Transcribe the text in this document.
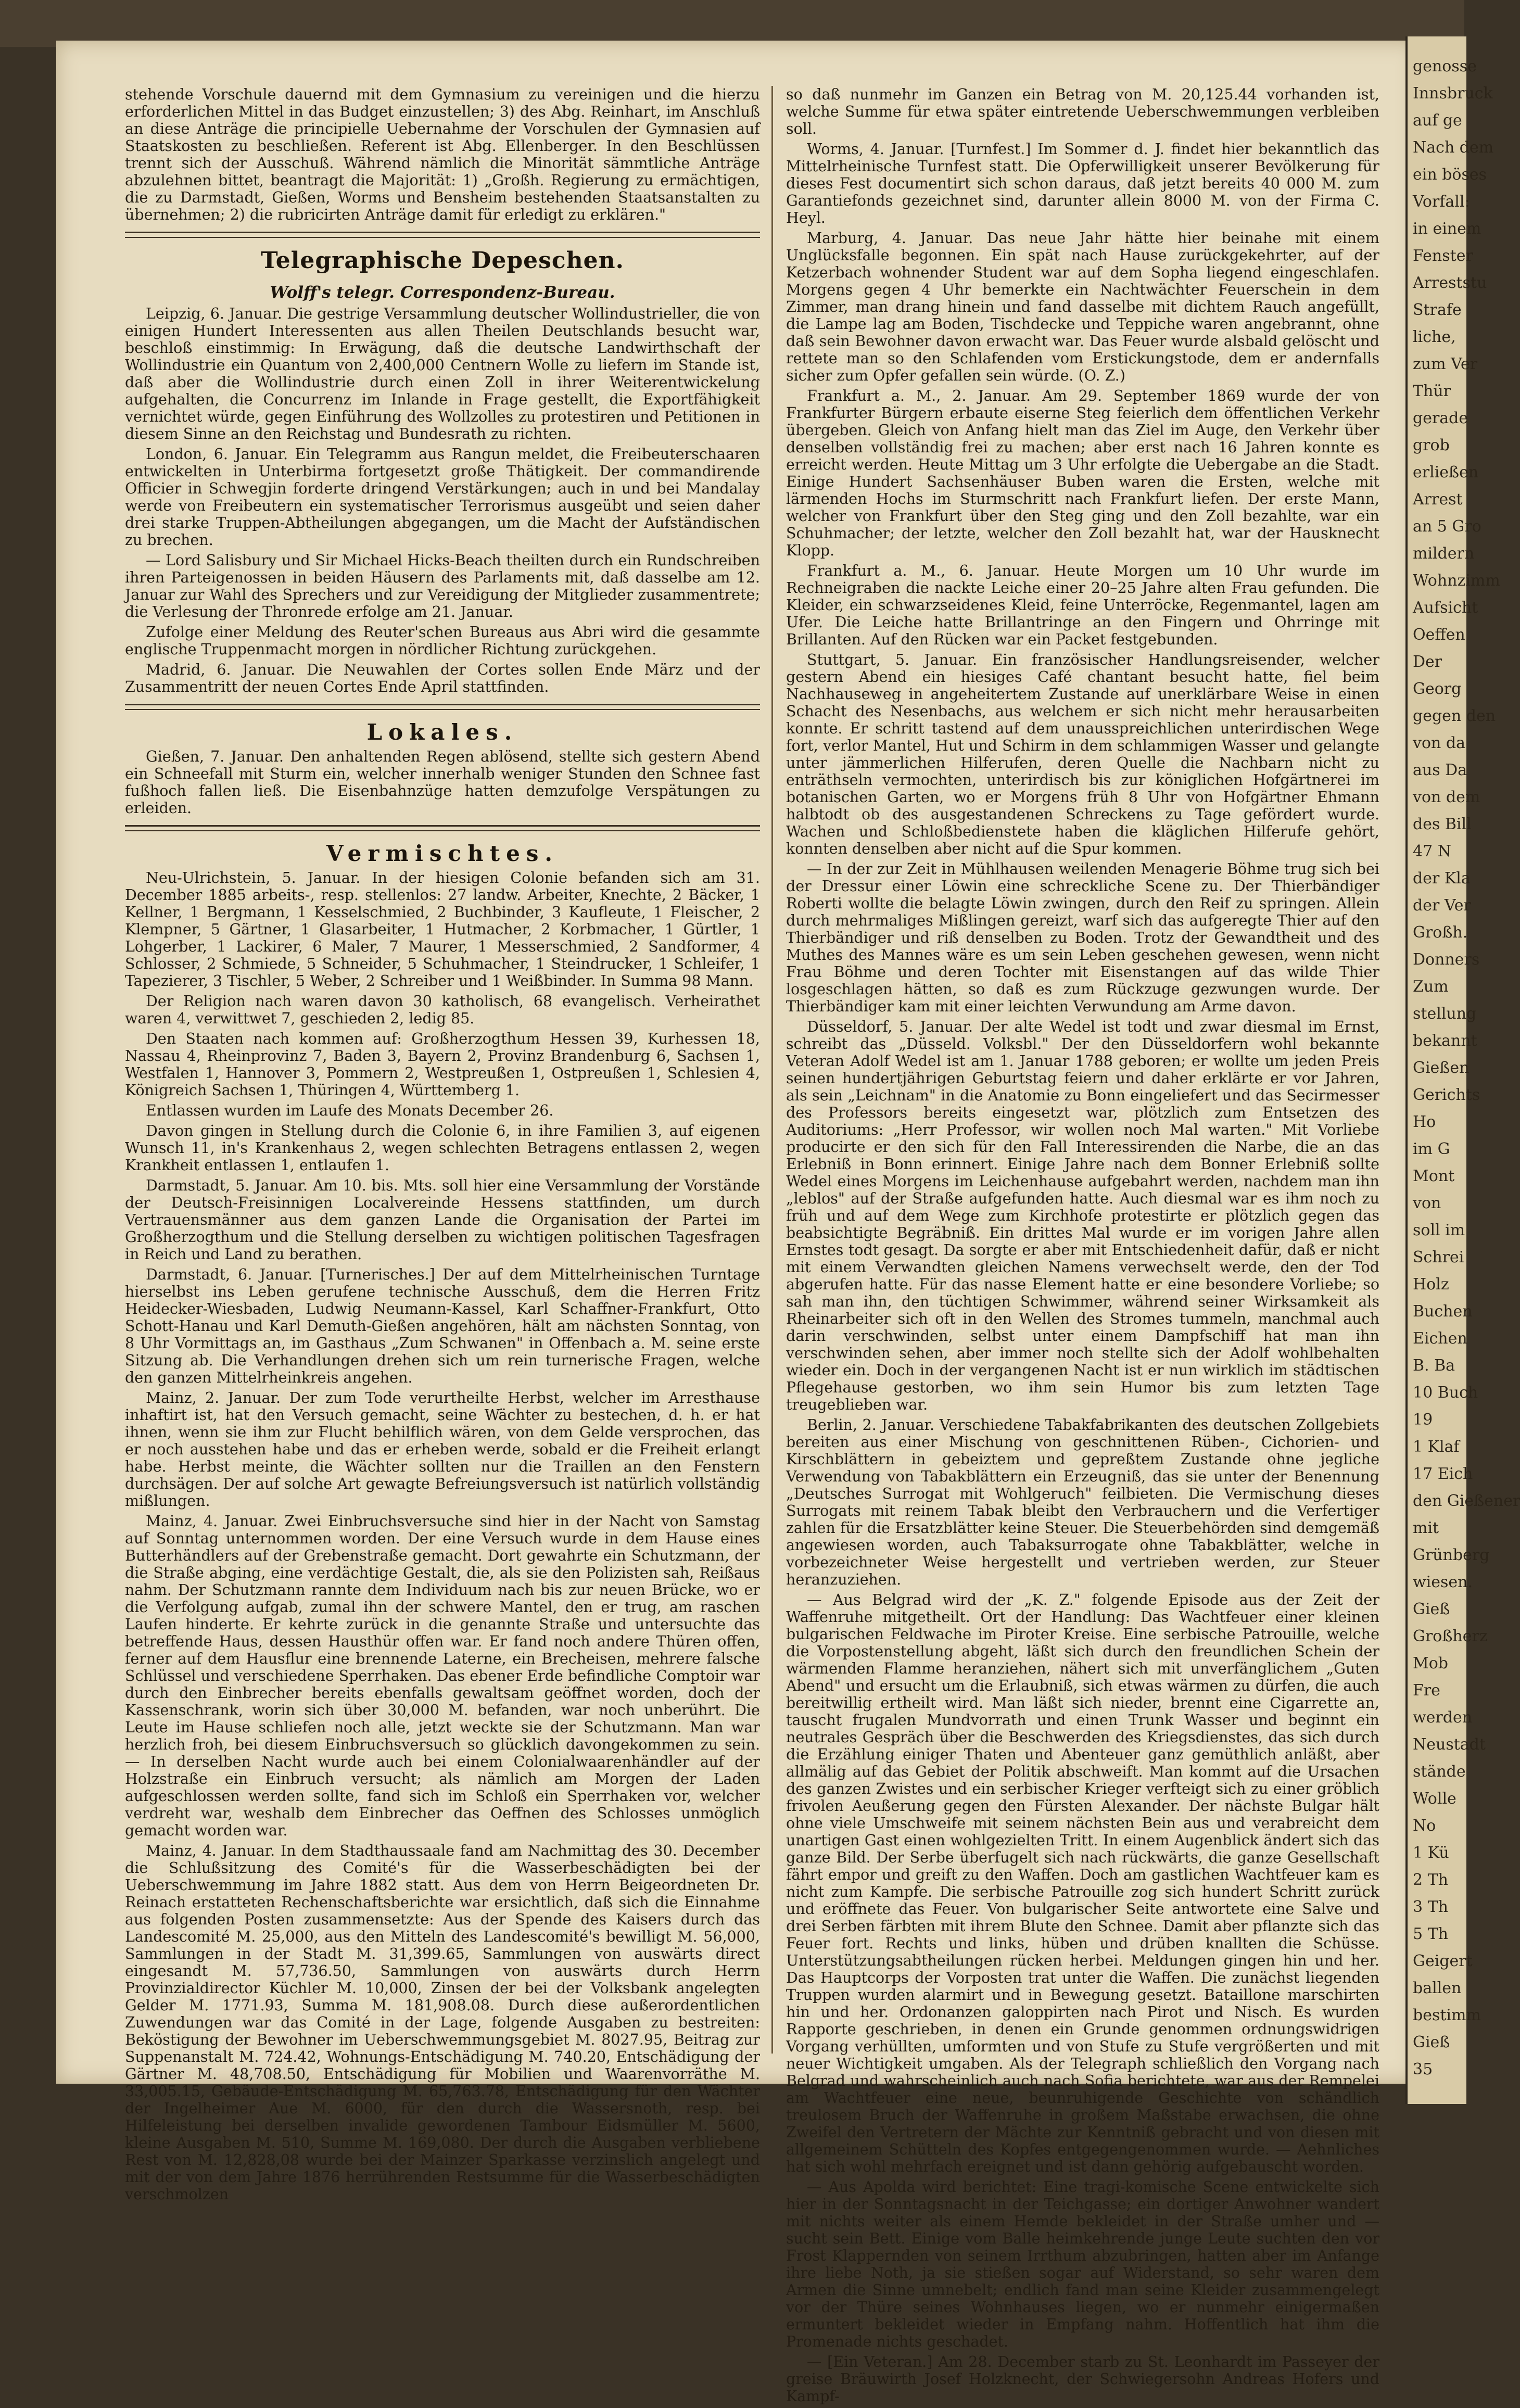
stehende Vorschule dauernd mit dem Gymnasium zu vereinigen und die hierzu erforderlichen Mittel in das Budget einzustellen; 3) des Abg. Reinhart, im Anschluß an diese Anträge die principielle Uebernahme der Vorschulen der Gymnasien auf Staatskosten zu beschließen. Referent ist Abg. Ellenberger. In den Beschlüssen trennt sich der Ausschuß. Während nämlich die Minorität sämmtliche Anträge abzulehnen bittet, beantragt die Majorität: 1) „Großh. Regierung zu ermächtigen, die zu Darmstadt, Gießen, Worms und Bensheim bestehenden Staatsanstalten zu übernehmen; 2) die rubricirten Anträge damit für erledigt zu erklären."

Telegraphische Depeschen.
Wolff's telegr. Correspondenz-Bureau.

Leipzig, 6. Januar. Die gestrige Versammlung deutscher Wollindustrieller, die von einigen Hundert Interessenten aus allen Theilen Deutschlands besucht war, beschloß einstimmig: In Erwägung, daß die deutsche Landwirthschaft der Wollindustrie ein Quantum von 2,400,000 Centnern Wolle zu liefern im Stande ist, daß aber die Wollindustrie durch einen Zoll in ihrer Weiterentwickelung aufgehalten, die Concurrenz im Inlande in Frage gestellt, die Exportfähigkeit vernichtet würde, gegen Einführung des Wollzolles zu protestiren und Petitionen in diesem Sinne an den Reichstag und Bundesrath zu richten.

London, 6. Januar. Ein Telegramm aus Rangun meldet, die Freibeuterschaaren entwickelten in Unterbirma fortgesetzt große Thätigkeit. Der commandirende Officier in Schwegjin forderte dringend Verstärkungen; auch in und bei Mandalay werde von Freibeutern ein systematischer Terrorismus ausgeübt und seien daher drei starke Truppen-Abtheilungen abgegangen, um die Macht der Aufständischen zu brechen.

— Lord Salisbury und Sir Michael Hicks-Beach theilten durch ein Rundschreiben ihren Parteigenossen in beiden Häusern des Parlaments mit, daß dasselbe am 12. Januar zur Wahl des Sprechers und zur Vereidigung der Mitglieder zusammentrete; die Verlesung der Thronrede erfolge am 21. Januar.

Zufolge einer Meldung des Reuter'schen Bureaus aus Abri wird die gesammte englische Truppenmacht morgen in nördlicher Richtung zurückgehen.

Madrid, 6. Januar. Die Neuwahlen der Cortes sollen Ende März und der Zusammentritt der neuen Cortes Ende April stattfinden.

Lokales.

Gießen, 7. Januar. Den anhaltenden Regen ablösend, stellte sich gestern Abend ein Schneefall mit Sturm ein, welcher innerhalb weniger Stunden den Schnee fast fußhoch fallen ließ. Die Eisenbahnzüge hatten demzufolge Verspätungen zu erleiden.

Vermischtes.

Neu-Ulrichstein, 5. Januar. In der hiesigen Colonie befanden sich am 31. December 1885 arbeits-, resp. stellenlos: 27 landw. Arbeiter, Knechte, 2 Bäcker, 1 Kellner, 1 Bergmann, 1 Kesselschmied, 2 Buchbinder, 3 Kaufleute, 1 Fleischer, 2 Klempner, 5 Gärtner, 1 Glasarbeiter, 1 Hutmacher, 2 Korbmacher, 1 Gürtler, 1 Lohgerber, 1 Lackirer, 6 Maler, 7 Maurer, 1 Messerschmied, 2 Sandformer, 4 Schlosser, 2 Schmiede, 5 Schneider, 5 Schuhmacher, 1 Steindrucker, 1 Schleifer, 1 Tapezierer, 3 Tischler, 5 Weber, 2 Schreiber und 1 Weißbinder. In Summa 98 Mann.

Der Religion nach waren davon 30 katholisch, 68 evangelisch. Verheirathet waren 4, verwittwet 7, geschieden 2, ledig 85.

Den Staaten nach kommen auf: Großherzogthum Hessen 39, Kurhessen 18, Nassau 4, Rheinprovinz 7, Baden 3, Bayern 2, Provinz Brandenburg 6, Sachsen 1, Westfalen 1, Hannover 3, Pommern 2, Westpreußen 1, Ostpreußen 1, Schlesien 4, Königreich Sachsen 1, Thüringen 4, Württemberg 1.

Entlassen wurden im Laufe des Monats December 26.

Davon gingen in Stellung durch die Colonie 6, in ihre Familien 3, auf eigenen Wunsch 11, in's Krankenhaus 2, wegen schlechten Betragens entlassen 2, wegen Krankheit entlassen 1, entlaufen 1.

Darmstadt, 5. Januar. Am 10. bis. Mts. soll hier eine Versammlung der Vorstände der Deutsch-Freisinnigen Localvereinde Hessens stattfinden, um durch Vertrauensmänner aus dem ganzen Lande die Organisation der Partei im Großherzogthum und die Stellung derselben zu wichtigen politischen Tagesfragen in Reich und Land zu berathen.

Darmstadt, 6. Januar. [Turnerisches.] Der auf dem Mittelrheinischen Turntage hierselbst ins Leben gerufene technische Ausschuß, dem die Herren Fritz Heidecker-Wiesbaden, Ludwig Neumann-Kassel, Karl Schaffner-Frankfurt, Otto Schott-Hanau und Karl Demuth-Gießen angehören, hält am nächsten Sonntag, von 8 Uhr Vormittags an, im Gasthaus „Zum Schwanen" in Offenbach a. M. seine erste Sitzung ab. Die Verhandlungen drehen sich um rein turnerische Fragen, welche den ganzen Mittelrheinkreis angehen.

Mainz, 2. Januar. Der zum Tode verurtheilte Herbst, welcher im Arresthause inhaftirt ist, hat den Versuch gemacht, seine Wächter zu bestechen, d. h. er hat ihnen, wenn sie ihm zur Flucht behilflich wären, von dem Gelde versprochen, das er noch ausstehen habe und das er erheben werde, sobald er die Freiheit erlangt habe. Herbst meinte, die Wächter sollten nur die Traillen an den Fenstern durchsägen. Der auf solche Art gewagte Befreiungsversuch ist natürlich vollständig mißlungen.

Mainz, 4. Januar. Zwei Einbruchsversuche sind hier in der Nacht von Samstag auf Sonntag unternommen worden. Der eine Versuch wurde in dem Hause eines Butterhändlers auf der Grebenstraße gemacht. Dort gewahrte ein Schutzmann, der die Straße abging, eine verdächtige Gestalt, die, als sie den Polizisten sah, Reißaus nahm. Der Schutzmann rannte dem Individuum nach bis zur neuen Brücke, wo er die Verfolgung aufgab, zumal ihn der schwere Mantel, den er trug, am raschen Laufen hinderte. Er kehrte zurück in die genannte Straße und untersuchte das betreffende Haus, dessen Hausthür offen war. Er fand noch andere Thüren offen, ferner auf dem Hausflur eine brennende Laterne, ein Brecheisen, mehrere falsche Schlüssel und verschiedene Sperrhaken. Das ebener Erde befindliche Comptoir war durch den Einbrecher bereits ebenfalls gewaltsam geöffnet worden, doch der Kassenschrank, worin sich über 30,000 M. befanden, war noch unberührt. Die Leute im Hause schliefen noch alle, jetzt weckte sie der Schutzmann. Man war herzlich froh, bei diesem Einbruchsversuch so glücklich davongekommen zu sein. — In derselben Nacht wurde auch bei einem Colonialwaarenhändler auf der Holzstraße ein Einbruch versucht; als nämlich am Morgen der Laden aufgeschlossen werden sollte, fand sich im Schloß ein Sperrhaken vor, welcher verdreht war, weshalb dem Einbrecher das Oeffnen des Schlosses unmöglich gemacht worden war.

Mainz, 4. Januar. In dem Stadthaussaale fand am Nachmittag des 30. December die Schlußsitzung des Comité's für die Wasserbeschädigten bei der Ueberschwemmung im Jahre 1882 statt. Aus dem von Herrn Beigeordneten Dr. Reinach erstatteten Rechenschaftsberichte war ersichtlich, daß sich die Einnahme aus folgenden Posten zusammensetzte: Aus der Spende des Kaisers durch das Landescomité M. 25,000, aus den Mitteln des Landescomité's bewilligt M. 56,000, Sammlungen in der Stadt M. 31,399.65, Sammlungen von auswärts direct eingesandt M. 57,736.50, Sammlungen von auswärts durch Herrn Provinzialdirector Küchler M. 10,000, Zinsen der bei der Volksbank angelegten Gelder M. 1771.93, Summa M. 181,908.08. Durch diese außerordentlichen Zuwendungen war das Comité in der Lage, folgende Ausgaben zu bestreiten: Beköstigung der Bewohner im Ueberschwemmungsgebiet M. 8027.95, Beitrag zur Suppenanstalt M. 724.42, Wohnungs-Entschädigung M. 740.20, Entschädigung der Gärtner M. 48,708.50, Entschädigung für Mobilien und Waarenvorräthe M. 33,005.15, Gebäude-Entschädigung M. 65,763.78, Entschädigung für den Wächter der Ingelheimer Aue M. 6000, für den durch die Wassersnoth, resp. bei Hilfeleistung bei derselben invalide gewordenen Tambour Eidsmüller M. 5600, kleine Ausgaben M. 510, Summe M. 169,080. Der durch die Ausgaben verbliebene Rest von M. 12,828,08 wurde bei der Mainzer Sparkasse verzinslich angelegt und mit der von dem Jahre 1876 herrührenden Restsumme für die Wasserbeschädigten verschmolzen

so daß nunmehr im Ganzen ein Betrag von M. 20,125.44 vorhanden ist, welche Summe für etwa später eintretende Ueberschwemmungen verbleiben soll.

Worms, 4. Januar. [Turnfest.] Im Sommer d. J. findet hier bekanntlich das Mittelrheinische Turnfest statt. Die Opferwilligkeit unserer Bevölkerung für dieses Fest documentirt sich schon daraus, daß jetzt bereits 40 000 M. zum Garantiefonds gezeichnet sind, darunter allein 8000 M. von der Firma C. Heyl.

Marburg, 4. Januar. Das neue Jahr hätte hier beinahe mit einem Unglücksfalle begonnen. Ein spät nach Hause zurückgekehrter, auf der Ketzerbach wohnender Student war auf dem Sopha liegend eingeschlafen. Morgens gegen 4 Uhr bemerkte ein Nachtwächter Feuerschein in dem Zimmer, man drang hinein und fand dasselbe mit dichtem Rauch angefüllt, die Lampe lag am Boden, Tischdecke und Teppiche waren angebrannt, ohne daß sein Bewohner davon erwacht war. Das Feuer wurde alsbald gelöscht und rettete man so den Schlafenden vom Erstickungstode, dem er andernfalls sicher zum Opfer gefallen sein würde. (O. Z.)

Frankfurt a. M., 2. Januar. Am 29. September 1869 wurde der von Frankfurter Bürgern erbaute eiserne Steg feierlich dem öffentlichen Verkehr übergeben. Gleich von Anfang hielt man das Ziel im Auge, den Verkehr über denselben vollständig frei zu machen; aber erst nach 16 Jahren konnte es erreicht werden. Heute Mittag um 3 Uhr erfolgte die Uebergabe an die Stadt. Einige Hundert Sachsenhäuser Buben waren die Ersten, welche mit lärmenden Hochs im Sturmschritt nach Frankfurt liefen. Der erste Mann, welcher von Frankfurt über den Steg ging und den Zoll bezahlte, war ein Schuhmacher; der letzte, welcher den Zoll bezahlt hat, war der Hausknecht Klopp.

Frankfurt a. M., 6. Januar. Heute Morgen um 10 Uhr wurde im Rechneigraben die nackte Leiche einer 20–25 Jahre alten Frau gefunden. Die Kleider, ein schwarzseidenes Kleid, feine Unterröcke, Regenmantel, lagen am Ufer. Die Leiche hatte Brillantringe an den Fingern und Ohrringe mit Brillanten. Auf den Rücken war ein Packet festgebunden.

Stuttgart, 5. Januar. Ein französischer Handlungsreisender, welcher gestern Abend ein hiesiges Café chantant besucht hatte, fiel beim Nachhauseweg in angeheitertem Zustande auf unerklärbare Weise in einen Schacht des Nesenbachs, aus welchem er sich nicht mehr herausarbeiten konnte. Er schritt tastend auf dem unausspreichlichen unterirdischen Wege fort, verlor Mantel, Hut und Schirm in dem schlammigen Wasser und gelangte unter jämmerlichen Hilferufen, deren Quelle die Nachbarn nicht zu enträthseln vermochten, unterirdisch bis zur königlichen Hofgärtnerei im botanischen Garten, wo er Morgens früh 8 Uhr von Hofgärtner Ehmann halbtodt ob des ausgestandenen Schreckens zu Tage gefördert wurde. Wachen und Schloßbedienstete haben die kläglichen Hilferufe gehört, konnten denselben aber nicht auf die Spur kommen.

— In der zur Zeit in Mühlhausen weilenden Menagerie Böhme trug sich bei der Dressur einer Löwin eine schreckliche Scene zu. Der Thierbändiger Roberti wollte die belagte Löwin zwingen, durch den Reif zu springen. Allein durch mehrmaliges Mißlingen gereizt, warf sich das aufgeregte Thier auf den Thierbändiger und riß denselben zu Boden. Trotz der Gewandtheit und des Muthes des Mannes wäre es um sein Leben geschehen gewesen, wenn nicht Frau Böhme und deren Tochter mit Eisenstangen auf das wilde Thier losgeschlagen hätten, so daß es zum Rückzuge gezwungen wurde. Der Thierbändiger kam mit einer leichten Verwundung am Arme davon.

Düsseldorf, 5. Januar. Der alte Wedel ist todt und zwar diesmal im Ernst, schreibt das „Düsseld. Volksbl." Der den Düsseldorfern wohl bekannte Veteran Adolf Wedel ist am 1. Januar 1788 geboren; er wollte um jeden Preis seinen hundertjährigen Geburtstag feiern und daher erklärte er vor Jahren, als sein „Leichnam" in die Anatomie zu Bonn eingeliefert und das Secirmesser des Professors bereits eingesetzt war, plötzlich zum Entsetzen des Auditoriums: „Herr Professor, wir wollen noch Mal warten." Mit Vorliebe producirte er den sich für den Fall Interessirenden die Narbe, die an das Erlebniß in Bonn erinnert. Einige Jahre nach dem Bonner Erlebniß sollte Wedel eines Morgens im Leichenhause aufgebahrt werden, nachdem man ihn „leblos" auf der Straße aufgefunden hatte. Auch diesmal war es ihm noch zu früh und auf dem Wege zum Kirchhofe protestirte er plötzlich gegen das beabsichtigte Begräbniß. Ein drittes Mal wurde er im vorigen Jahre allen Ernstes todt gesagt. Da sorgte er aber mit Entschiedenheit dafür, daß er nicht mit einem Verwandten gleichen Namens verwechselt werde, den der Tod abgerufen hatte. Für das nasse Element hatte er eine besondere Vorliebe; so sah man ihn, den tüchtigen Schwimmer, während seiner Wirksamkeit als Rheinarbeiter sich oft in den Wellen des Stromes tummeln, manchmal auch darin verschwinden, selbst unter einem Dampfschiff hat man ihn verschwinden sehen, aber immer noch stellte sich der Adolf wohlbehalten wieder ein. Doch in der vergangenen Nacht ist er nun wirklich im städtischen Pflegehause gestorben, wo ihm sein Humor bis zum letzten Tage treugeblieben war.

Berlin, 2. Januar. Verschiedene Tabakfabrikanten des deutschen Zollgebiets bereiten aus einer Mischung von geschnittenen Rüben-, Cichorien- und Kirschblättern in gebeiztem und gepreßtem Zustande ohne jegliche Verwendung von Tabakblättern ein Erzeugniß, das sie unter der Benennung „Deutsches Surrogat mit Wohlgeruch" feilbieten. Die Vermischung dieses Surrogats mit reinem Tabak bleibt den Verbrauchern und die Verfertiger zahlen für die Ersatzblätter keine Steuer. Die Steuerbehörden sind demgemäß angewiesen worden, auch Tabaksurrogate ohne Tabakblätter, welche in vorbezeichneter Weise hergestellt und vertrieben werden, zur Steuer heranzuziehen.

— Aus Belgrad wird der „K. Z." folgende Episode aus der Zeit der Waffenruhe mitgetheilt. Ort der Handlung: Das Wachtfeuer einer kleinen bulgarischen Feldwache im Piroter Kreise. Eine serbische Patrouille, welche die Vorpostenstellung abgeht, läßt sich durch den freundlichen Schein der wärmenden Flamme heranziehen, nähert sich mit unverfänglichem „Guten Abend" und ersucht um die Erlaubniß, sich etwas wärmen zu dürfen, die auch bereitwillig ertheilt wird. Man läßt sich nieder, brennt eine Cigarrette an, tauscht frugalen Mundvorrath und einen Trunk Wasser und beginnt ein neutrales Gespräch über die Beschwerden des Kriegsdienstes, das sich durch die Erzählung einiger Thaten und Abenteuer ganz gemüthlich anläßt, aber allmälig auf das Gebiet der Politik abschweift. Man kommt auf die Ursachen des ganzen Zwistes und ein serbischer Krieger verfteigt sich zu einer gröblich frivolen Aeußerung gegen den Fürsten Alexander. Der nächste Bulgar hält ohne viele Umschweife mit seinem nächsten Bein aus und verabreicht dem unartigen Gast einen wohlgezielten Tritt. In einem Augenblick ändert sich das ganze Bild. Der Serbe überfugelt sich nach rückwärts, die ganze Gesellschaft fährt empor und greift zu den Waffen. Doch am gastlichen Wachtfeuer kam es nicht zum Kampfe. Die serbische Patrouille zog sich hundert Schritt zurück und eröffnete das Feuer. Von bulgarischer Seite antwortete eine Salve und drei Serben färbten mit ihrem Blute den Schnee. Damit aber pflanzte sich das Feuer fort. Rechts und links, hüben und drüben knallten die Schüsse. Unterstützungsabtheilungen rücken herbei. Meldungen gingen hin und her. Das Hauptcorps der Vorposten trat unter die Waffen. Die zunächst liegenden Truppen wurden alarmirt und in Bewegung gesetzt. Bataillone marschirten hin und her. Ordonanzen galoppirten nach Pirot und Nisch. Es wurden Rapporte geschrieben, in denen ein Grunde genommen ordnungswidrigen Vorgang verhüllten, umformten und von Stufe zu Stufe vergrößerten und mit neuer Wichtigkeit umgaben. Als der Telegraph schließlich den Vorgang nach Belgrad und wahrscheinlich auch nach Sofia berichtete, war aus der Rempelei am Wachtfeuer eine neue, beunruhigende Geschichte von schändlich treulosem Bruch der Waffenruhe in großem Maßstabe erwachsen, die ohne Zweifel den Vertretern der Mächte zur Kenntniß gebracht und von diesen mit allgemeinem Schütteln des Kopfes entgegengenommen wurde. — Aehnliches hat sich wohl mehrfach ereignet und ist dann gehörig aufgebauscht worden.

— Aus Apolda wird berichtet: Eine tragi-komische Scene entwickelte sich hier in der Sonntagsnacht in der Teichgasse; ein dortiger Anwohner wandert mit nichts weiter als einem Hemde bekleidet in der Straße umher und — sucht sein Bett. Einige vom Balle heimkehrende junge Leute suchten den vor Frost Klappernden von seinem Irrthum abzubringen, hatten aber im Anfange ihre liebe Noth, ja sie stießen sogar auf Widerstand, so sehr waren dem Armen die Sinne umnebelt; endlich fand man seine Kleider zusammengelegt vor der Thüre seines Wohnhauses liegen, wo er nunmehr einigermaßen ermuntert bekleidet wieder in Empfang nahm. Hoffentlich hat ihm die Promenade nichts geschadet.

— [Ein Veteran.] Am 28. December starb zu St. Leonhardt im Passeyer der greise Bräuwirth Josef Holzknecht, der Schwiegersohn Andreas Hofers und Kampf-

genosse
Innsbruck
auf ge
Nach dem
ein böses
Vorfall:
in einem
Fenster
Arreststu
Strafe
liche,
zum Ver
Thür
gerade
grob
erließen
Arrest
an 5 Gro
mildern
Wohnzimm
Aufsicht
Oeffen
Der
Georg
gegen den
von da
aus Da
von dem
des Bill
47 N
der Kla
der Ver
Großh.
Donners
Zum
stellung
bekannt
Gießen
Gerichts
Ho
im G
Mont
von
soll im
Schrei
Holz
Buchen
Eichen
B. Ba
10 Buch
19
1 Klaf
17 Eich
den Gießener
mit
Grünberg
wiesen.
Gieß
Großherz
Mob
Fre
werden
Neustadt
stände
Wolle
No
1 Kü
2 Th
3 Th
5 Th
Geigert
ballen
bestimm
Gieß
35
